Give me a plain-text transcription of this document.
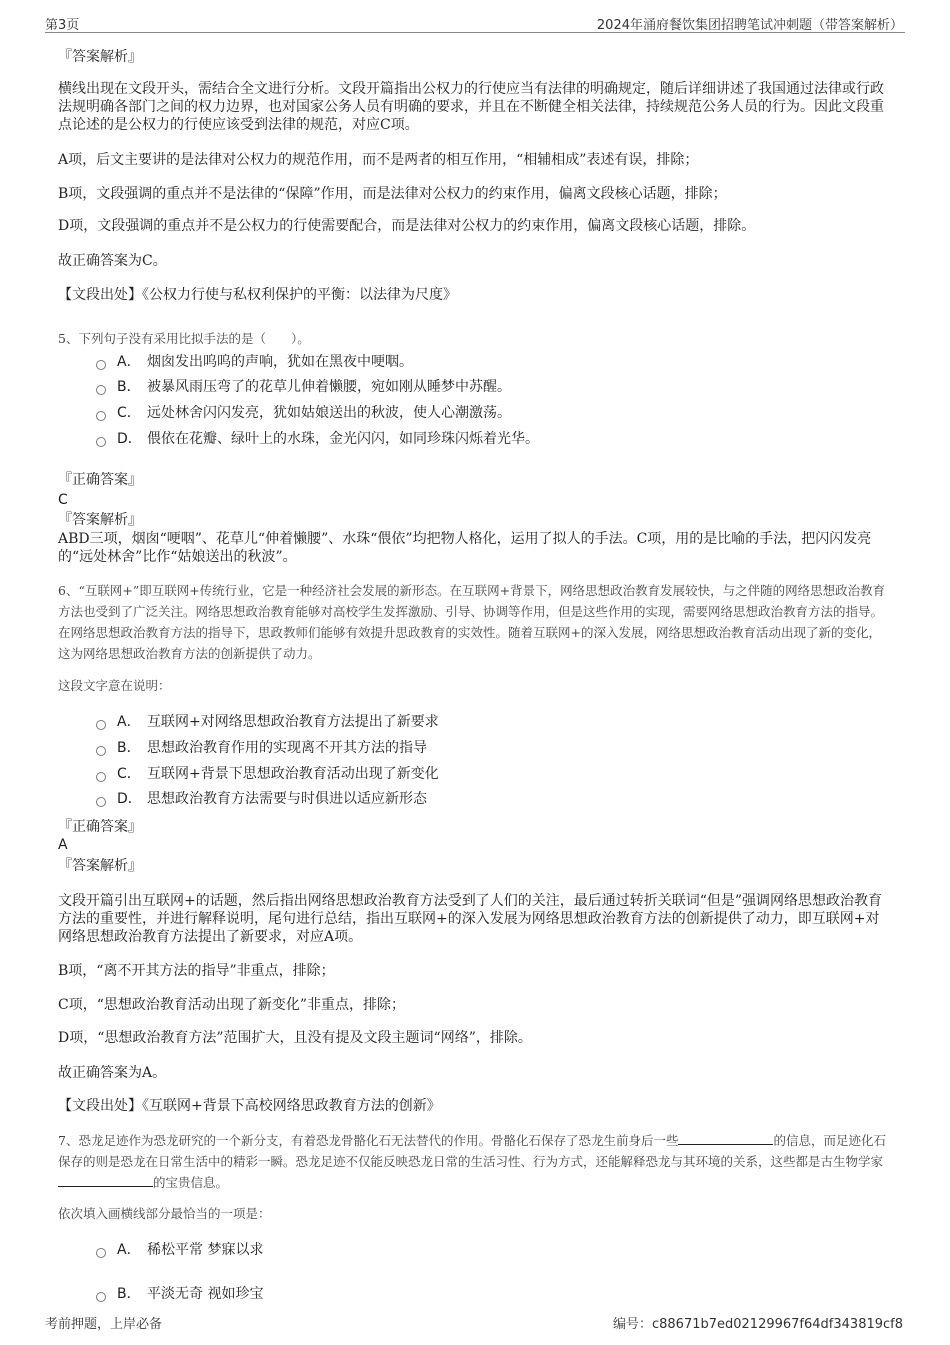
第3页	2024年涌府餐饮集团招聘笔试冲刺题（带答案解析）
『答案解析』
横线出现在文段开头，需结合全文进行分析。文段开篇指出公权力的行使应当有法律的明确规定，随后详细讲述了我国通过法律或行政法规明确各部门之间的权力边界，也对国家公务人员有明确的要求，并且在不断健全相关法律，持续规范公务人员的行为。因此文段重点论述的是公权力的行使应该受到法律的规范，对应C项。
A项，后文主要讲的是法律对公权力的规范作用，而不是两者的相互作用，“相辅相成”表述有误，排除；
B项，文段强调的重点并不是法律的“保障”作用，而是法律对公权力的约束作用，偏离文段核心话题，排除；
D项，文段强调的重点并不是公权力的行使需要配合，而是法律对公权力的约束作用，偏离文段核心话题，排除。
故正确答案为C。
【文段出处】《公权力行使与私权利保护的平衡：以法律为尺度》
5、下列句子没有采用比拟手法的是（　　）。
A． 烟囱发出呜呜的声响，犹如在黑夜中哽咽。
B． 被暴风雨压弯了的花草儿伸着懒腰，宛如刚从睡梦中苏醒。
C． 远处林舍闪闪发亮，犹如姑娘送出的秋波，使人心潮激荡。
D． 偎依在花瓣、绿叶上的水珠，金光闪闪，如同珍珠闪烁着光华。
『正确答案』
C
『答案解析』
ABD三项，烟囱“哽咽”、花草儿“伸着懒腰”、水珠“偎依”均把物人格化，运用了拟人的手法。C项，用的是比喻的手法，把闪闪发亮的“远处林舍”比作“姑娘送出的秋波”。
6、“互联网+”即互联网+传统行业，它是一种经济社会发展的新形态。在互联网+背景下，网络思想政治教育发展较快，与之伴随的网络思想政治教育方法也受到了广泛关注。网络思想政治教育能够对高校学生发挥激励、引导、协调等作用，但是这些作用的实现，需要网络思想政治教育方法的指导。在网络思想政治教育方法的指导下，思政教师们能够有效提升思政教育的实效性。随着互联网+的深入发展，网络思想政治教育活动出现了新的变化，这为网络思想政治教育方法的创新提供了动力。
这段文字意在说明：
A． 互联网+对网络思想政治教育方法提出了新要求
B． 思想政治教育作用的实现离不开其方法的指导
C． 互联网+背景下思想政治教育活动出现了新变化
D． 思想政治教育方法需要与时俱进以适应新形态
『正确答案』
A
『答案解析』
文段开篇引出互联网+的话题，然后指出网络思想政治教育方法受到了人们的关注，最后通过转折关联词“但是”强调网络思想政治教育方法的重要性，并进行解释说明，尾句进行总结，指出互联网+的深入发展为网络思想政治教育方法的创新提供了动力，即互联网+对网络思想政治教育方法提出了新要求，对应A项。
B项，“离不开其方法的指导”非重点，排除；
C项，“思想政治教育活动出现了新变化”非重点，排除；
D项，“思想政治教育方法”范围扩大，且没有提及文段主题词“网络”，排除。
故正确答案为A。
【文段出处】《互联网+背景下高校网络思政教育方法的创新》
7、恐龙足迹作为恐龙研究的一个新分支，有着恐龙骨骼化石无法替代的作用。骨骼化石保存了恐龙生前身后一些	的信息，而足迹化石保存的则是恐龙在日常生活中的精彩一瞬。恐龙足迹不仅能反映恐龙日常的生活习性、行为方式，还能解释恐龙与其环境的关系，这些都是古生物学家的宝贵信息。
依次填入画横线部分最恰当的一项是：
A． 稀松平常 梦寐以求
B． 平淡无奇 视如珍宝
考前押题，上岸必备	编号：c88671b7ed02129967f64df343819cf8
